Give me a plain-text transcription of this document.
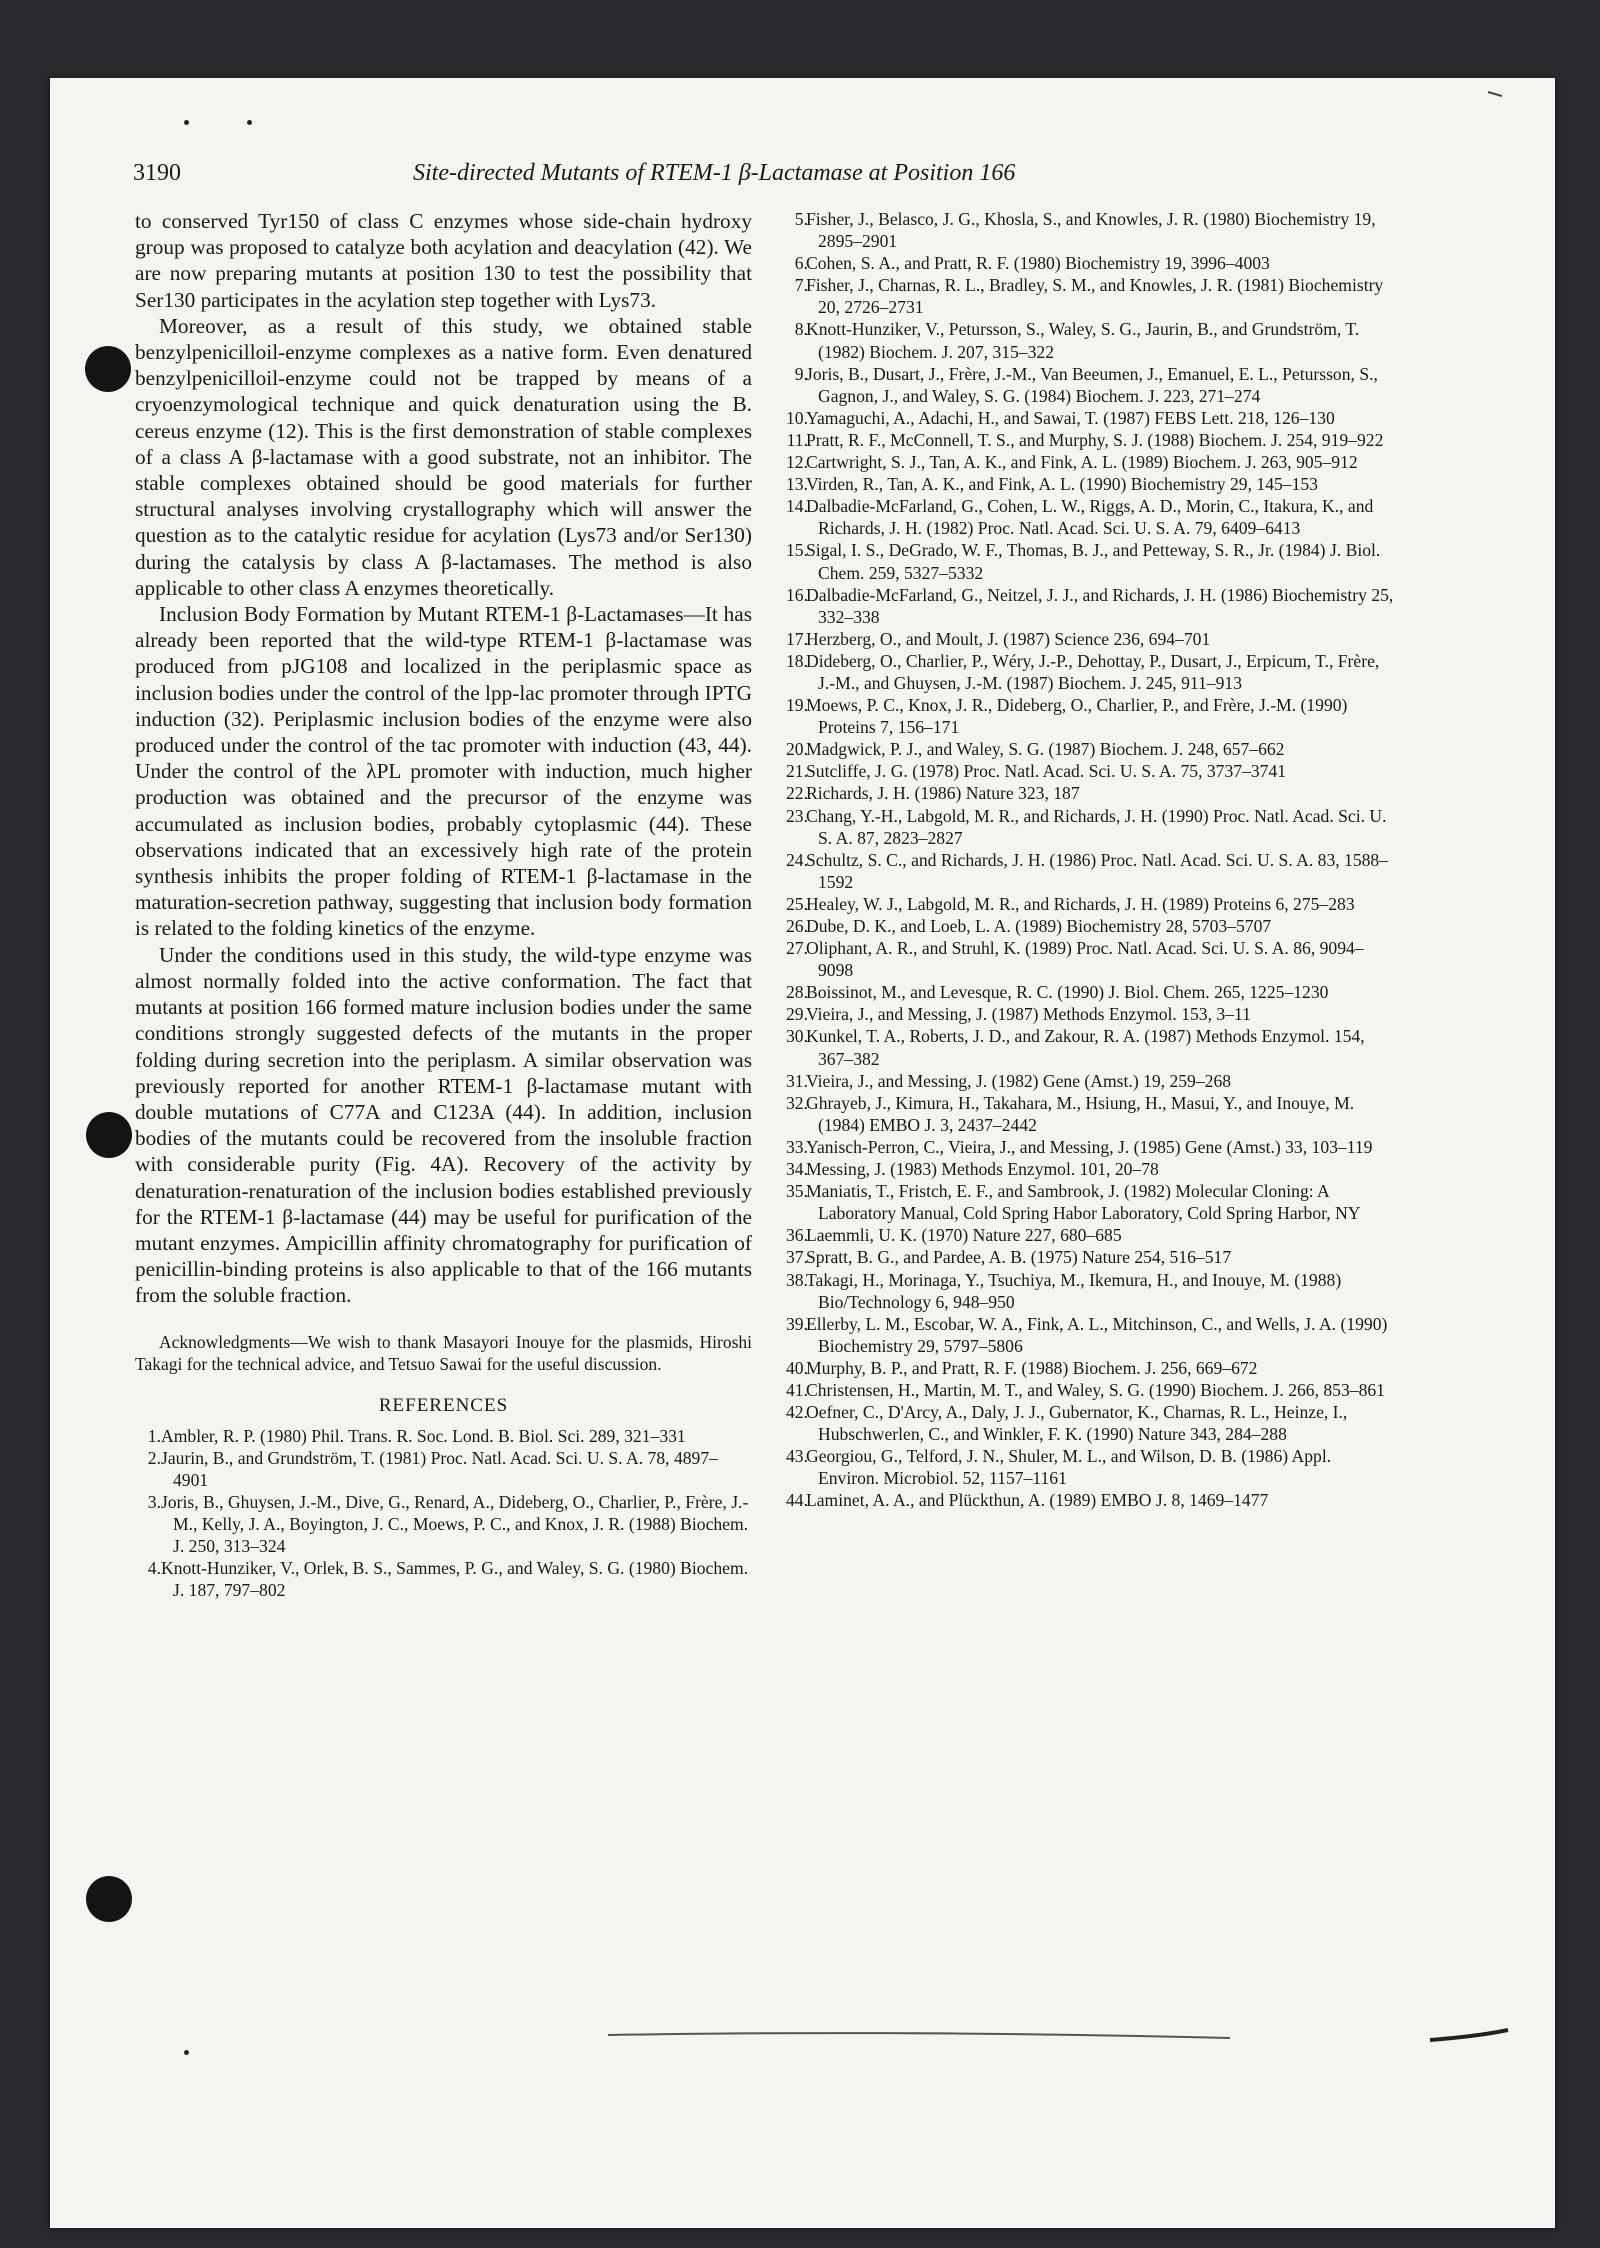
3190	Site-directed Mutants of RTEM-1 β-Lactamase at Position 166

to conserved Tyr150 of class C enzymes whose side-chain hydroxy group was proposed to catalyze both acylation and deacylation (42). We are now preparing mutants at position 130 to test the possibility that Ser130 participates in the acylation step together with Lys73.

Moreover, as a result of this study, we obtained stable benzylpenicilloil-enzyme complexes as a native form. Even denatured benzylpenicilloil-enzyme could not be trapped by means of a cryoenzymological technique and quick denaturation using the B. cereus enzyme (12). This is the first demonstration of stable complexes of a class A β-lactamase with a good substrate, not an inhibitor. The stable complexes obtained should be good materials for further structural analyses involving crystallography which will answer the question as to the catalytic residue for acylation (Lys73 and/or Ser130) during the catalysis by class A β-lactamases. The method is also applicable to other class A enzymes theoretically.

Inclusion Body Formation by Mutant RTEM-1 β-Lactamases—It has already been reported that the wild-type RTEM-1 β-lactamase was produced from pJG108 and localized in the periplasmic space as inclusion bodies under the control of the lpp-lac promoter through IPTG induction (32). Periplasmic inclusion bodies of the enzyme were also produced under the control of the tac promoter with induction (43, 44). Under the control of the λPL promoter with induction, much higher production was obtained and the precursor of the enzyme was accumulated as inclusion bodies, probably cytoplasmic (44). These observations indicated that an excessively high rate of the protein synthesis inhibits the proper folding of RTEM-1 β-lactamase in the maturation-secretion pathway, suggesting that inclusion body formation is related to the folding kinetics of the enzyme.

Under the conditions used in this study, the wild-type enzyme was almost normally folded into the active conformation. The fact that mutants at position 166 formed mature inclusion bodies under the same conditions strongly suggested defects of the mutants in the proper folding during secretion into the periplasm. A similar observation was previously reported for another RTEM-1 β-lactamase mutant with double mutations of C77A and C123A (44). In addition, inclusion bodies of the mutants could be recovered from the insoluble fraction with considerable purity (Fig. 4A). Recovery of the activity by denaturation-renaturation of the inclusion bodies established previously for the RTEM-1 β-lactamase (44) may be useful for purification of the mutant enzymes. Ampicillin affinity chromatography for purification of penicillin-binding proteins is also applicable to that of the 166 mutants from the soluble fraction.

Acknowledgments—We wish to thank Masayori Inouye for the plasmids, Hiroshi Takagi for the technical advice, and Tetsuo Sawai for the useful discussion.

REFERENCES
1. Ambler, R. P. (1980) Phil. Trans. R. Soc. Lond. B. Biol. Sci. 289, 321–331
2. Jaurin, B., and Grundström, T. (1981) Proc. Natl. Acad. Sci. U. S. A. 78, 4897–4901
3. Joris, B., Ghuysen, J.-M., Dive, G., Renard, A., Dideberg, O., Charlier, P., Frère, J.-M., Kelly, J. A., Boyington, J. C., Moews, P. C., and Knox, J. R. (1988) Biochem. J. 250, 313–324
4. Knott-Hunziker, V., Orlek, B. S., Sammes, P. G., and Waley, S. G. (1980) Biochem. J. 187, 797–802
5.
Fisher, J., Belasco, J. G., Khosla, S., and Knowles, J. R. (1980) Biochemistry 19, 2895–2901
6.
Cohen, S. A., and Pratt, R. F. (1980) Biochemistry 19, 3996–4003
7.
Fisher, J., Charnas, R. L., Bradley, S. M., and Knowles, J. R. (1981) Biochemistry 20, 2726–2731
8.
Knott-Hunziker, V., Petursson, S., Waley, S. G., Jaurin, B., and Grundström, T. (1982) Biochem. J. 207, 315–322
9.
Joris, B., Dusart, J., Frère, J.-M., Van Beeumen, J., Emanuel, E. L., Petursson, S., Gagnon, J., and Waley, S. G. (1984) Biochem. J. 223, 271–274
10.
Yamaguchi, A., Adachi, H., and Sawai, T. (1987) FEBS Lett. 218, 126–130
11.
Pratt, R. F., McConnell, T. S., and Murphy, S. J. (1988) Biochem. J. 254, 919–922
12.
Cartwright, S. J., Tan, A. K., and Fink, A. L. (1989) Biochem. J. 263, 905–912
13.
Virden, R., Tan, A. K., and Fink, A. L. (1990) Biochemistry 29, 145–153
14.
Dalbadie-McFarland, G., Cohen, L. W., Riggs, A. D., Morin, C., Itakura, K., and Richards, J. H. (1982) Proc. Natl. Acad. Sci. U. S. A. 79, 6409–6413
15.
Sigal, I. S., DeGrado, W. F., Thomas, B. J., and Petteway, S. R., Jr. (1984) J. Biol. Chem. 259, 5327–5332
16.
Dalbadie-McFarland, G., Neitzel, J. J., and Richards, J. H. (1986) Biochemistry 25, 332–338
17.
Herzberg, O., and Moult, J. (1987) Science 236, 694–701
18.
Dideberg, O., Charlier, P., Wéry, J.-P., Dehottay, P., Dusart, J., Erpicum, T., Frère, J.-M., and Ghuysen, J.-M. (1987) Biochem. J. 245, 911–913
19.
Moews, P. C., Knox, J. R., Dideberg, O., Charlier, P., and Frère, J.-M. (1990) Proteins 7, 156–171
20.
Madgwick, P. J., and Waley, S. G. (1987) Biochem. J. 248, 657–662
21.
Sutcliffe, J. G. (1978) Proc. Natl. Acad. Sci. U. S. A. 75, 3737–3741
22.
Richards, J. H. (1986) Nature 323, 187
23.
Chang, Y.-H., Labgold, M. R., and Richards, J. H. (1990) Proc. Natl. Acad. Sci. U. S. A. 87, 2823–2827
24.
Schultz, S. C., and Richards, J. H. (1986) Proc. Natl. Acad. Sci. U. S. A. 83, 1588–1592
25.
Healey, W. J., Labgold, M. R., and Richards, J. H. (1989) Proteins 6, 275–283
26.
Dube, D. K., and Loeb, L. A. (1989) Biochemistry 28, 5703–5707
27.
Oliphant, A. R., and Struhl, K. (1989) Proc. Natl. Acad. Sci. U. S. A. 86, 9094–9098
28.
Boissinot, M., and Levesque, R. C. (1990) J. Biol. Chem. 265, 1225–1230
29.
Vieira, J., and Messing, J. (1987) Methods Enzymol. 153, 3–11
30.
Kunkel, T. A., Roberts, J. D., and Zakour, R. A. (1987) Methods Enzymol. 154, 367–382
31.
Vieira, J., and Messing, J. (1982) Gene (Amst.) 19, 259–268
32.
Ghrayeb, J., Kimura, H., Takahara, M., Hsiung, H., Masui, Y., and Inouye, M. (1984) EMBO J. 3, 2437–2442
33.
Yanisch-Perron, C., Vieira, J., and Messing, J. (1985) Gene (Amst.) 33, 103–119
34.
Messing, J. (1983) Methods Enzymol. 101, 20–78
35.
Maniatis, T., Fristch, E. F., and Sambrook, J. (1982) Molecular Cloning: A Laboratory Manual, Cold Spring Habor Laboratory, Cold Spring Harbor, NY
36.
Laemmli, U. K. (1970) Nature 227, 680–685
37.
Spratt, B. G., and Pardee, A. B. (1975) Nature 254, 516–517
38.
Takagi, H., Morinaga, Y., Tsuchiya, M., Ikemura, H., and Inouye, M. (1988) Bio/Technology 6, 948–950
39.
Ellerby, L. M., Escobar, W. A., Fink, A. L., Mitchinson, C., and Wells, J. A. (1990) Biochemistry 29, 5797–5806
40.
Murphy, B. P., and Pratt, R. F. (1988) Biochem. J. 256, 669–672
41.
Christensen, H., Martin, M. T., and Waley, S. G. (1990) Biochem. J. 266, 853–861
42.
Oefner, C., D'Arcy, A., Daly, J. J., Gubernator, K., Charnas, R. L., Heinze, I., Hubschwerlen, C., and Winkler, F. K. (1990) Nature 343, 284–288
43.
Georgiou, G., Telford, J. N., Shuler, M. L., and Wilson, D. B. (1986) Appl. Environ. Microbiol. 52, 1157–1161
44.
Laminet, A. A., and Plückthun, A. (1989) EMBO J. 8, 1469–1477
